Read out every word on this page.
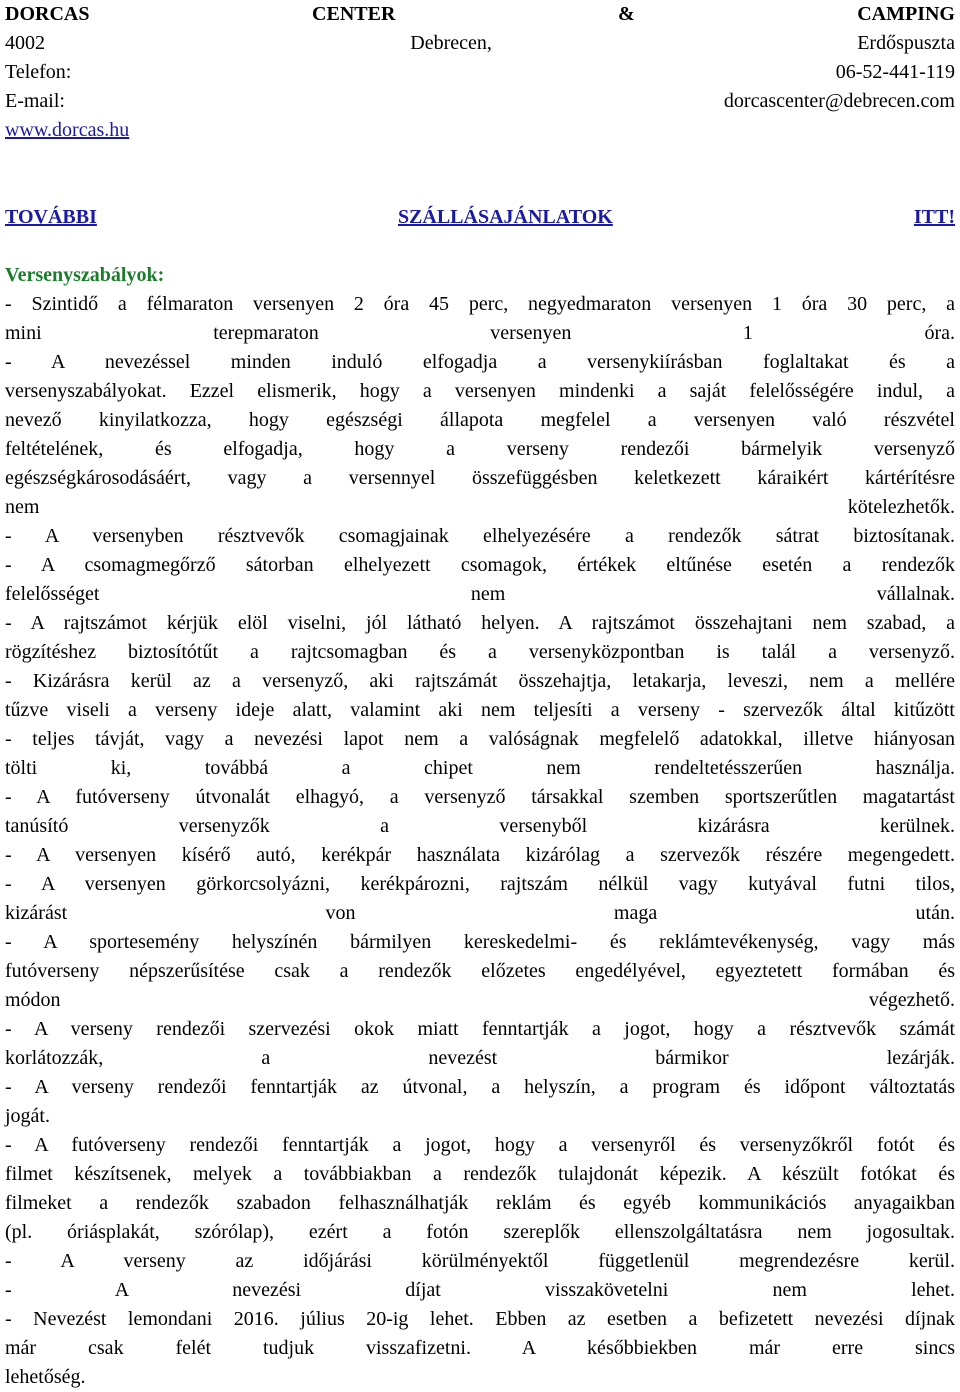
DORCAS	CENTER	&	CAMPING
4002	Debrecen,	Erdőspuszta
Telefon:	06-52-441-119
E-mail:	dorcascenter@debrecen.com
www.dorcas.hu
TOVÁBBI	SZÁLLÁSAJÁNLATOK	ITT!
Versenyszabályok:
- Szintidő a félmaraton versenyen 2 óra 45 perc, negyedmaraton versenyen 1 óra 30 perc, a
mini terepmaraton versenyen 1 óra.
- A nevezéssel minden induló elfogadja a versenykiírásban foglaltakat és a
versenyszabályokat. Ezzel elismerik, hogy a versenyen mindenki a saját felelősségére indul, a
nevező kinyilatkozza, hogy egészségi állapota megfelel a versenyen való részvétel
feltételének, és elfogadja, hogy a verseny rendezői bármelyik versenyző
egészségkárosodásáért, vagy a versennyel összefüggésben keletkezett káraikért kártérítésre
nem kötelezhetők.
- A versenyben résztvevők csomagjainak elhelyezésére a rendezők sátrat biztosítanak.
- A csomagmegőrző sátorban elhelyezett csomagok, értékek eltűnése esetén a rendezők
felelősséget nem vállalnak.
- A rajtszámot kérjük elöl viselni, jól látható helyen. A rajtszámot összehajtani nem szabad, a
rögzítéshez biztosítótűt a rajtcsomagban és a versenyközpontban is talál a versenyző.
- Kizárásra kerül az a versenyző, aki rajtszámát összehajtja, letakarja, leveszi, nem a mellére
tűzve viseli a verseny ideje alatt, valamint aki nem teljesíti a verseny - szervezők által kitűzött
- teljes távját, vagy a nevezési lapot nem a valóságnak megfelelő adatokkal, illetve hiányosan
tölti ki, továbbá a chipet nem rendeltetésszerűen használja.
- A futóverseny útvonalát elhagyó, a versenyző társakkal szemben sportszerűtlen magatartást
tanúsító versenyzők a versenyből kizárásra kerülnek.
- A versenyen kísérő autó, kerékpár használata kizárólag a szervezők részére megengedett.
- A versenyen görkorcsolyázni, kerékpározni, rajtszám nélkül vagy kutyával futni tilos,
kizárást von maga után.
- A sportesemény helyszínén bármilyen kereskedelmi- és reklámtevékenység, vagy más
futóverseny népszerűsítése csak a rendezők előzetes engedélyével, egyeztetett formában és
módon végezhető.
- A verseny rendezői szervezési okok miatt fenntartják a jogot, hogy a résztvevők számát
korlátozzák, a nevezést bármikor lezárják.
- A verseny rendezői fenntartják az útvonal, a helyszín, a program és időpont változtatás
jogát.
- A futóverseny rendezői fenntartják a jogot, hogy a versenyről és versenyzőkről fotót és
filmet készítsenek, melyek a továbbiakban a rendezők tulajdonát képezik. A készült fotókat és
filmeket a rendezők szabadon felhasználhatják reklám és egyéb kommunikációs anyagaikban
(pl. óriásplakát, szórólap), ezért a fotón szereplők ellenszolgáltatásra nem jogosultak.
- A verseny az időjárási körülményektől függetlenül megrendezésre kerül.
- A nevezési díjat visszakövetelni nem lehet.
- Nevezést lemondani 2016. július 20-ig lehet. Ebben az esetben a befizetett nevezési díjnak
már csak felét tudjuk visszafizetni. A későbbiekben már erre sincs
lehetőség.
